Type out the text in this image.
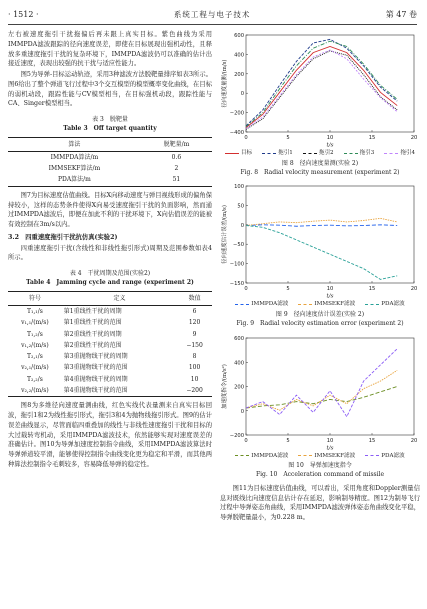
· 1512 ·	系统工程与电子技术	第 47 卷

左右被速度拖引干扰拖偏后再未跟上真实目标。紫色曲线为采用IMMPDA滤波跟踪的径向速度误差，即使在目标展现出强机动性，且释放多重速度拖引干扰的复杂环境下，IMMPDA滤波仍可以准确的估计出接近速度，表现出较强的抗干扰与适应性能力。

图5为导弹-目标运动轨迹，采用3种滤波方法脱靶量排序如表3所示。图6给出了整个弹道飞行过程中3个交互模型的模型概率变化曲线，在目标的弱机动段，跟踪性能与CV模型相当，在目标强机动段，跟踪性能与CA、Singer模型相当。

表 3　脱靶量
Table 3　Off target quantity
算法	脱靶量/m
IMMPDA算法/m	0.6
IMMSEKF算法/m	2
PDA算法/m	51

图7为目标速度估值曲线。目标X向移动速度与弹目视线形成的偏角保持较小，这样的态势条件使得X向易受速度拖引干扰的负面影响，然而通过IMMPDA滤波后，即便在加此不利的干扰环境下，X向估值误差的能被有效控制在3m/s以内。

3.2　四重速度拖引干扰抗仿真(实验2)

四重速度拖引干扰(含线性和非线性拖引形式)周期及范围参数如表4所示。

表 4　干扰周期及范围(实验2)
Table 4　Jamming cycle and range (experiment 2)
符号	定义	数值
T₁,₁/s	第1重线性干扰的周期	6
v₁,₁/(m/s)	第1重线性干扰的范围	120
T₁,₂/s	第2重线性干扰的周期	9
v₁,₂/(m/s)	第2重线性干扰的范围	−150
T₂,₁/s	第3重抛物线干扰的周期	8
v₂,₁/(m/s)	第3重抛物线干扰的范围	100
T₂,₂/s	第4重抛物线干扰的周期	10
v₂,₂/(m/s)	第4重抛物线干扰的范围	−200

图8为多维径向速度量测曲线，红色实线代表量测来自真实目标回波，拖引1和2为线性拖引形式，拖引3和4为抛物线拖引形式。图9的估计误差曲线显示，尽管面临四重叠加的线性与非线性速度拖引干扰和目标的大过载转弯机动，采用IMMPDA滤波技术，依然能够实现对速度误差的准确估计。图10为导弹加速度控制指令曲线，采用IMMPDA滤波算法时导弹弹道较平滑，能够使得控制指令曲线变化更为稳定和平滑，而其他两种算法控制指令毛刺较多，容易降低导弹的稳定性。

600
400
200
0
−200
−400
0	5	10	15	20
t/s
径向速度量测/(m/s)
目标	拖引1	拖引2	拖引3	拖引4
图 8　径向速度量测(实验 2)
Fig. 8　Radial velocity measurement (experiment 2)
100
50
0
−50
−100
−150
0	5	10	15	20
t/s
径向速度估计误差/(m/s)
IMMPDA滤波	IMMSEKF滤波	PDA滤波
图 9　径向速度估计误差(实验 2)
Fig. 9　Radial velocity estimation error (experiment 2)
600
400
200
0
−200
0	5	10	15	20
t/s
加速度指令/(m/s²)
IMMPDA滤波	IMMSEKF滤波	PDA滤波
图 10　导弹加速度指令
Fig. 10　Acceleration command of missile

图11为目标速度估值曲线，可以看出，采用角度和Doppler测量信息对既线比向速度信息估计存在延迟，影响制导精度。图12为制导飞行过程中导弹姿态角曲线，采用IMMPDA滤波弹体姿态角曲线变化平稳，导弹脱靶量最小，为0.228 m。
